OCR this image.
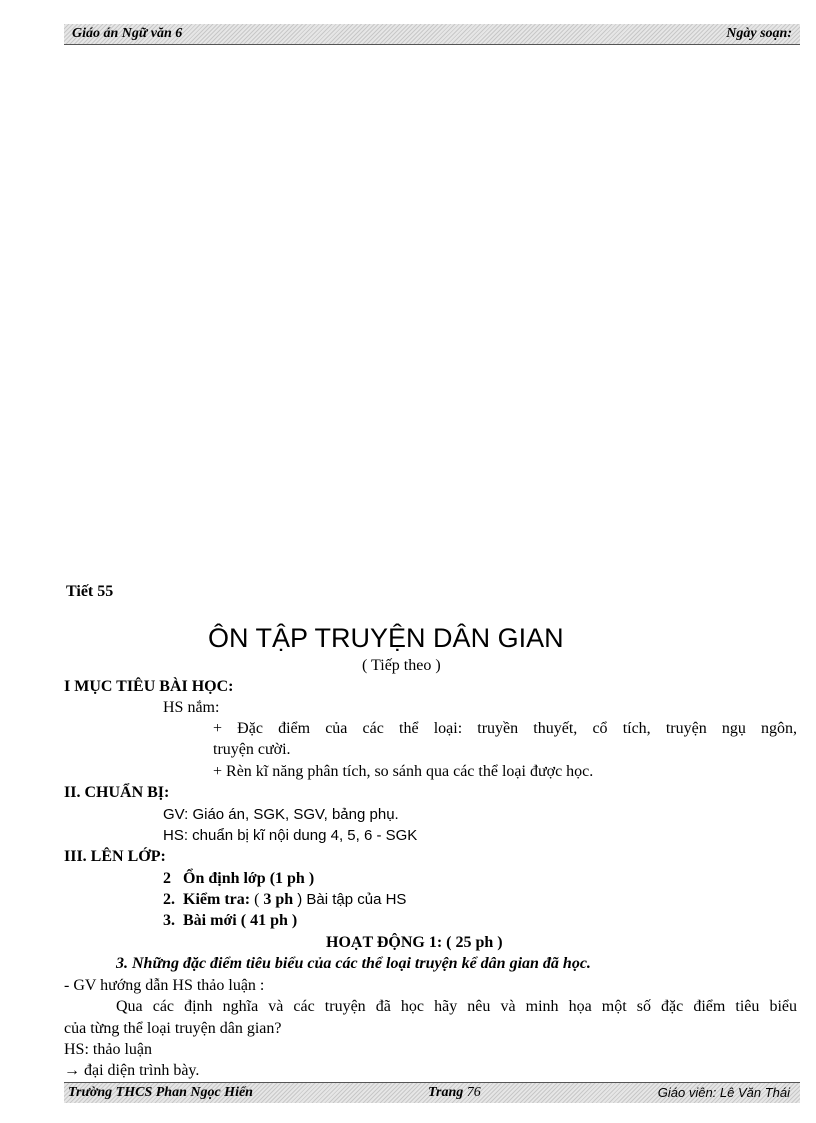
Giáo án Ngữ văn 6	Ngày soạn:
Tiết 55
ÔN TẬP TRUYỆN DÂN GIAN
( Tiếp theo )
I MỤC TIÊU BÀI HỌC:
HS nắm:
+ Đặc điểm của các thể loại: truyền thuyết, cổ tích, truyện ngụ ngôn,
truyện cười.
+ Rèn kĩ năng phân tích, so sánh qua các thể loại được học.
II. CHUẨN BỊ:
GV: Giáo án, SGK, SGV, bảng phụ.
HS: chuẩn bị kĩ nội dung 4, 5, 6 - SGK
III. LÊN LỚP:
2 Ổn định lớp (1 ph )
2. Kiểm tra: ( 3 ph ) Bài tập của HS
3. Bài mới ( 41 ph )
HOẠT ĐỘNG 1: ( 25 ph )
3. Những đặc điểm tiêu biểu của các thể loại truyện kể dân gian đã học.
- GV hướng dẫn HS thảo luận :
Qua các định nghĩa và các truyện đã học hãy nêu và minh họa một số đặc điểm tiêu biểu
của từng thể loại truyện dân gian?
HS: thảo luận
→ đại diện trình bày.
Trường THCS Phan Ngọc Hiển	Trang 76	Giáo viên: Lê Văn Thái
